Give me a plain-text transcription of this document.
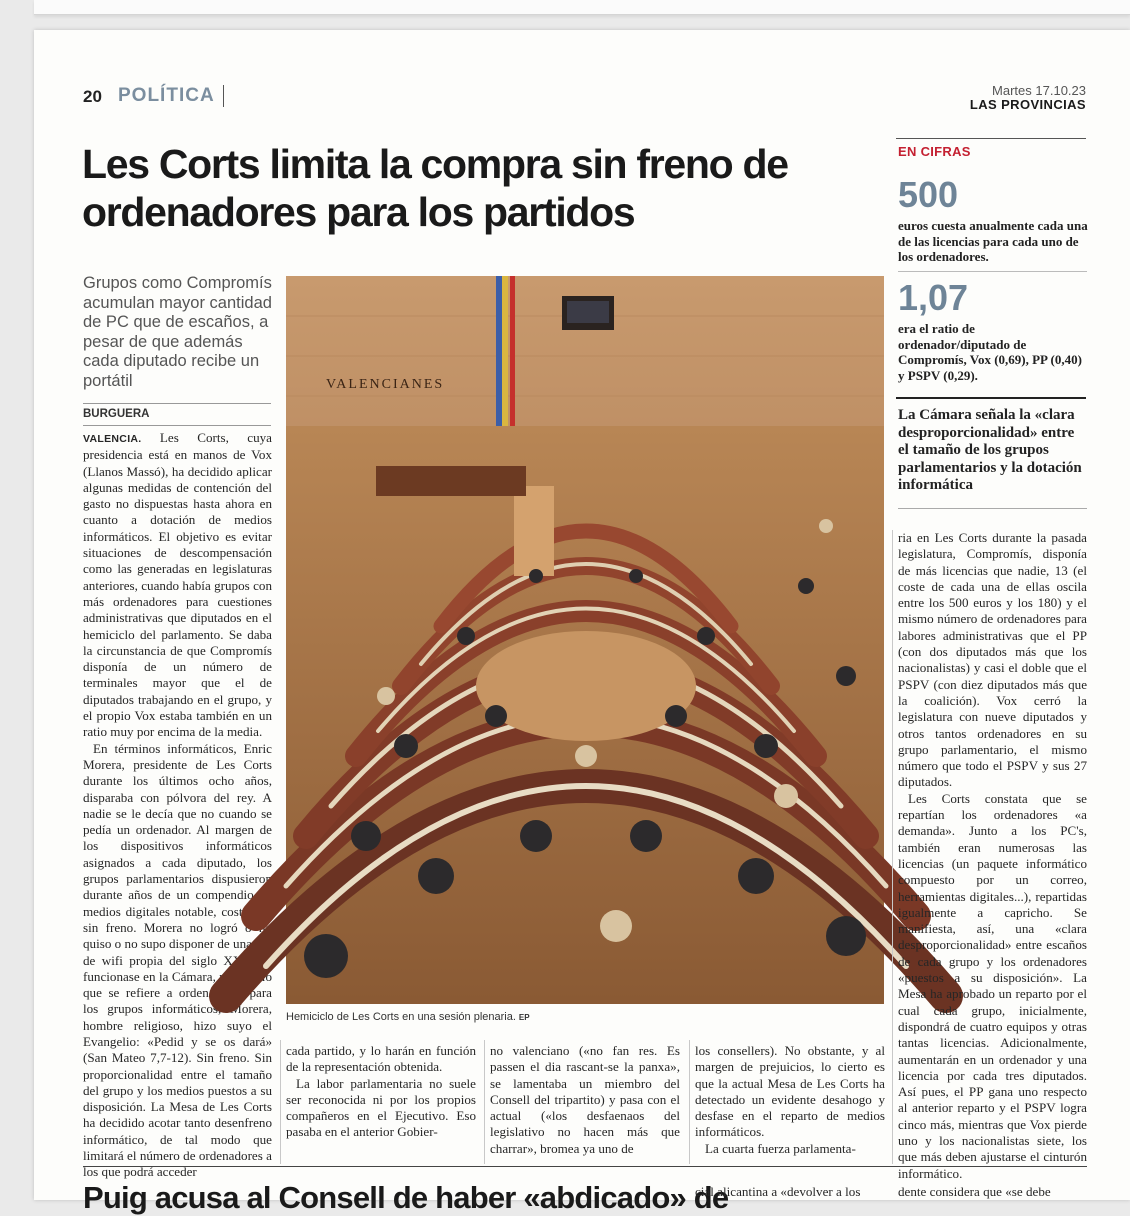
20 POLÍTICA	Martes 17.10.23
LAS PROVINCIAS
Les Corts limita la compra sin freno de ordenadores para los partidos
Grupos como Compromís acumulan mayor cantidad de PC que de escaños, a pesar de que además cada diputado recibe un portátil
BURGUERA

VALENCIA. Les Corts, cuya presidencia está en manos de Vox (Llanos Massó), ha decidido aplicar algunas medidas de contención del gasto no dispuestas hasta ahora en cuanto a dotación de medios informáticos. El objetivo es evitar situaciones de descompensación como las generadas en legislaturas anteriores, cuando había grupos con más ordenadores para cuestiones administrativas que diputados en el hemiciclo del parlamento. Se daba la circunstancia de que Compromís disponía de un número de terminales mayor que el de diputados trabajando en el grupo, y el propio Vox estaba también en un ratio muy por encima de la media.

En términos informáticos, Enric Morera, presidente de Les Corts durante los últimos ocho años, disparaba con pólvora del rey. A nadie se le decía que no cuando se pedía un ordenador. Al margen de los dispositivos informáticos asignados a cada diputado, los grupos parlamentarios dispusieron durante años de un compendio de medios digitales notable, costoso y sin freno. Morera no logró o no quiso o no supo disponer de una red de wifi propia del siglo XXI que funcionase en la Cámara, pero en lo que se refiere a ordenadores para los grupos informáticos, Morera, hombre religioso, hizo suyo el Evangelio: «Pedid y se os dará» (San Mateo 7,7-12). Sin freno. Sin proporcionalidad entre el tamaño del grupo y los medios puestos a su disposición. La Mesa de Les Corts ha decidido acotar tanto desenfreno informático, de tal modo que limitará el número de ordenadores a los que podrá acceder

VALENCIANES
Hemiciclo de Les Corts en una sesión plenaria. EP

cada partido, y lo harán en función de la representación obtenida.

La labor parlamentaria no suele ser reconocida ni por los propios compañeros en el Ejecutivo. Eso pasaba en el anterior Gobier-

no valenciano («no fan res. Es passen el dia rascant-se la panxa», se lamentaba un miembro del Consell del tripartito) y pasa con el actual («los desfaenaos del legislativo no hacen más que charrar», bromea ya uno de

los consellers). No obstante, y al margen de prejuicios, lo cierto es que la actual Mesa de Les Corts ha detectado un evidente desahogo y desfase en el reparto de medios informáticos.

La cuarta fuerza parlamenta-

EN CIFRAS
500
euros cuesta anualmente cada una de las licencias para cada uno de los ordenadores.
1,07
era el ratio de ordenador/diputado de Compromís, Vox (0,69), PP (0,40) y PSPV (0,29).
La Cámara señala la «clara desproporcionalidad» entre el tamaño de los grupos parlamentarios y la dotación informática

ria en Les Corts durante la pasada legislatura, Compromís, disponía de más licencias que nadie, 13 (el coste de cada una de ellas oscila entre los 500 euros y los 180) y el mismo número de ordenadores para labores administrativas que el PP (con dos diputados más que los nacionalistas) y casi el doble que el PSPV (con diez diputados más que la coalición). Vox cerró la legislatura con nueve diputados y otros tantos ordenadores en su grupo parlamentario, el mismo número que todo el PSPV y sus 27 diputados.

Les Corts constata que se repartían los ordenadores «a demanda». Junto a los PC's, también eran numerosas las licencias (un paquete informático compuesto por un correo, herramientas digitales...), repartidas igualmente a capricho. Se manifiesta, así, una «clara desproporcionalidad» entre escaños de cada grupo y los ordenadores «puestos a su disposición». La Mesa ha aprobado un reparto por el cual cada grupo, inicialmente, dispondrá de cuatro equipos y otras tantas licencias. Adicionalmente, aumentarán en un ordenador y una licencia por cada tres diputados. Así pues, el PP gana uno respecto al anterior reparto y el PSPV logra cinco más, mientras que Vox pierde uno y los nacionalistas siete, los que más deben ajustarse el cinturón informático.

Puig acusa al Consell de haber «abdicado» de
cial alicantina a «devolver a los	dente considera que «se debe
